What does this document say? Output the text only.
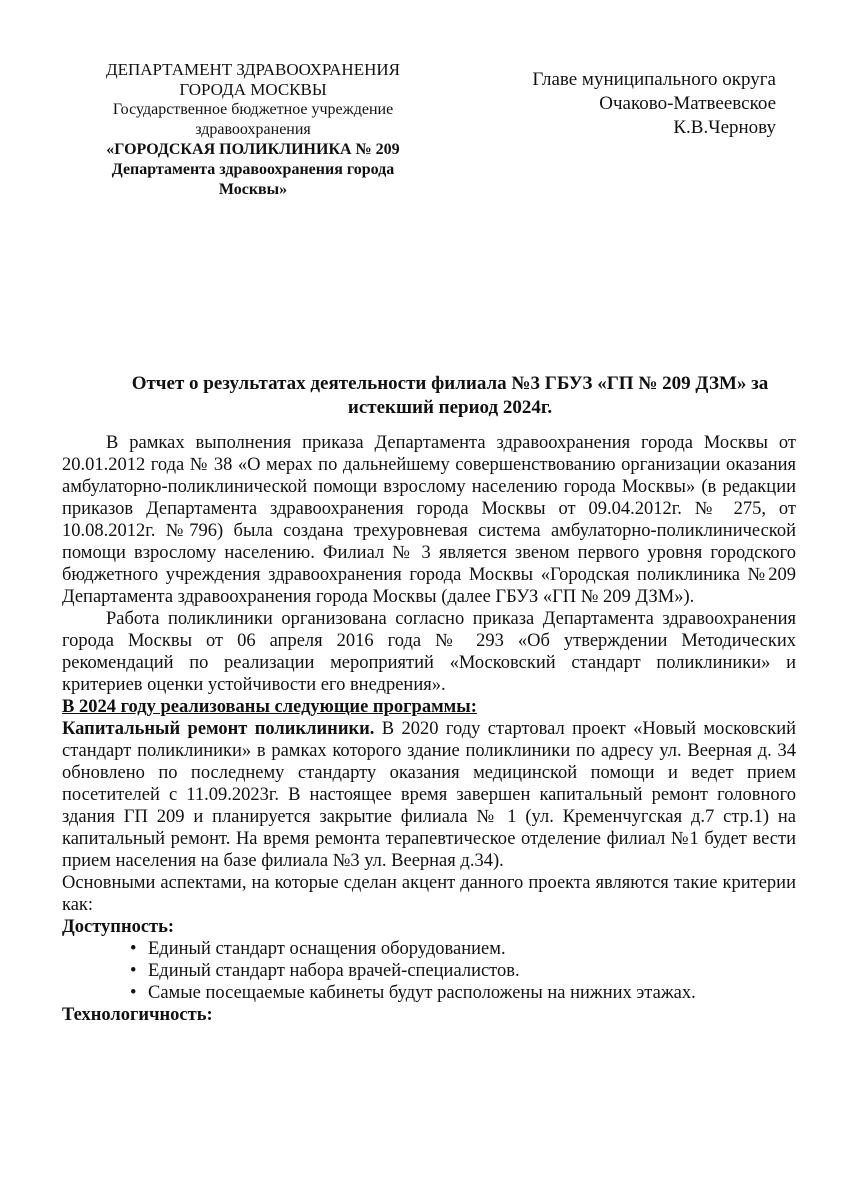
ДЕПАРТАМЕНТ ЗДРАВООХРАНЕНИЯ
ГОРОДА МОСКВЫ
Государственное бюджетное учреждение
здравоохранения
«ГОРОДСКАЯ ПОЛИКЛИНИКА № 209
Департамента здравоохранения города
Москвы»
Главе муниципального округа
Очаково-Матвеевское
К.В.Чернову
Отчет о результатах деятельности филиала №3 ГБУЗ «ГП № 209 ДЗМ» за
истекший период 2024г.

В рамках выполнения приказа Департамента здравоохранения города Москвы от 20.01.2012 года № 38 «О мерах по дальнейшему совершенствованию организации оказания амбулаторно-поликлинической помощи взрослому населению города Москвы» (в редакции приказов Департамента здравоохранения города Москвы от 09.04.2012г. № 275, от 10.08.2012г. №796) была создана трехуровневая система амбулаторно-поликлинической помощи взрослому населению. Филиал № 3 является звеном первого уровня городского бюджетного учреждения здравоохранения города Москвы «Городская поликлиника №209 Департамента здравоохранения города Москвы (далее ГБУЗ «ГП № 209 ДЗМ»).

Работа поликлиники организована согласно приказа Департамента здравоохранения города Москвы от 06 апреля 2016 года № 293 «Об утверждении Методических рекомендаций по реализации мероприятий «Московский стандарт поликлиники» и критериев оценки устойчивости его внедрения».

В 2024 году реализованы следующие программы:

Капитальный ремонт поликлиники. В 2020 году стартовал проект «Новый московский стандарт поликлиники» в рамках которого здание поликлиники по адресу ул. Веерная д. 34 обновлено по последнему стандарту оказания медицинской помощи и ведет прием посетителей с 11.09.2023г. В настоящее время завершен капитальный ремонт головного здания ГП 209 и планируется закрытие филиала № 1 (ул. Кременчугская д.7 стр.1) на капитальный ремонт. На время ремонта терапевтическое отделение филиал №1 будет вести прием населения на базе филиала №3 ул. Веерная д.34).

Основными аспектами, на которые сделан акцент данного проекта являются такие критерии как:

Доступность:

• Единый стандарт оснащения оборудованием.
• Единый стандарт набора врачей-специалистов.
• Самые посещаемые кабинеты будут расположены на нижних этажах.

Технологичность:
